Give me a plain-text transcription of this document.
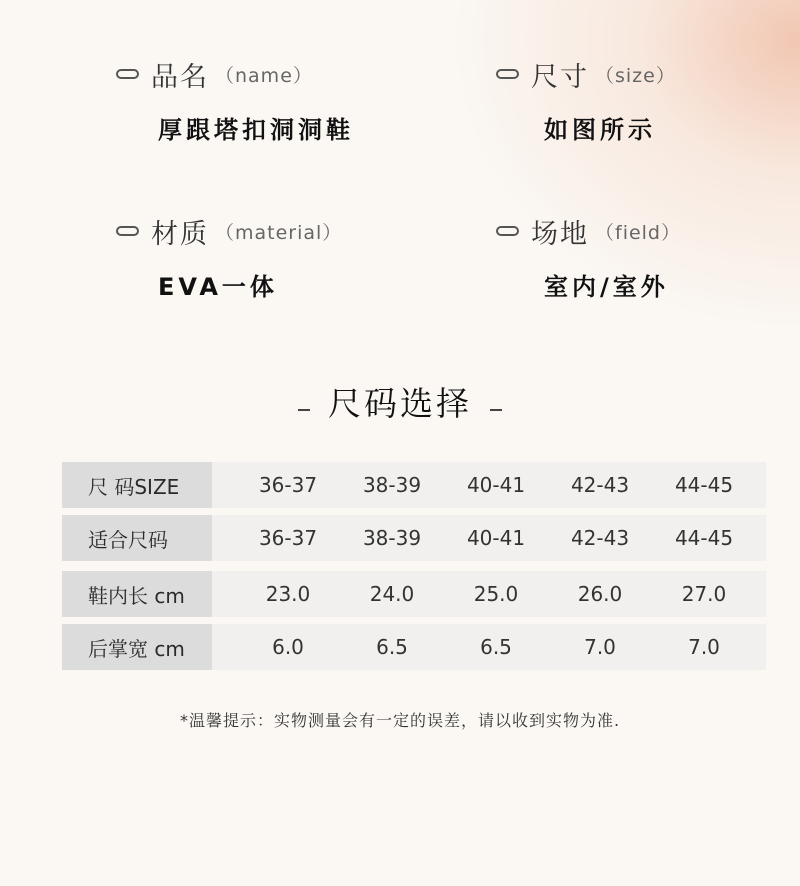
品名 （name）
厚跟塔扣洞洞鞋
尺寸 （size）
如图所示
材质 （material）
EVA一体
场地 （field）
室内/室外
尺码选择
尺 码SIZE	36-37	38-39	40-41	42-43	44-45
适合尺码	36-37	38-39	40-41	42-43	44-45
鞋内长 cm	23.0	24.0	25.0	26.0	27.0
后掌宽 cm	6.0	6.5	6.5	7.0	7.0
*温馨提示：实物测量会有一定的误差，请以收到实物为准.
